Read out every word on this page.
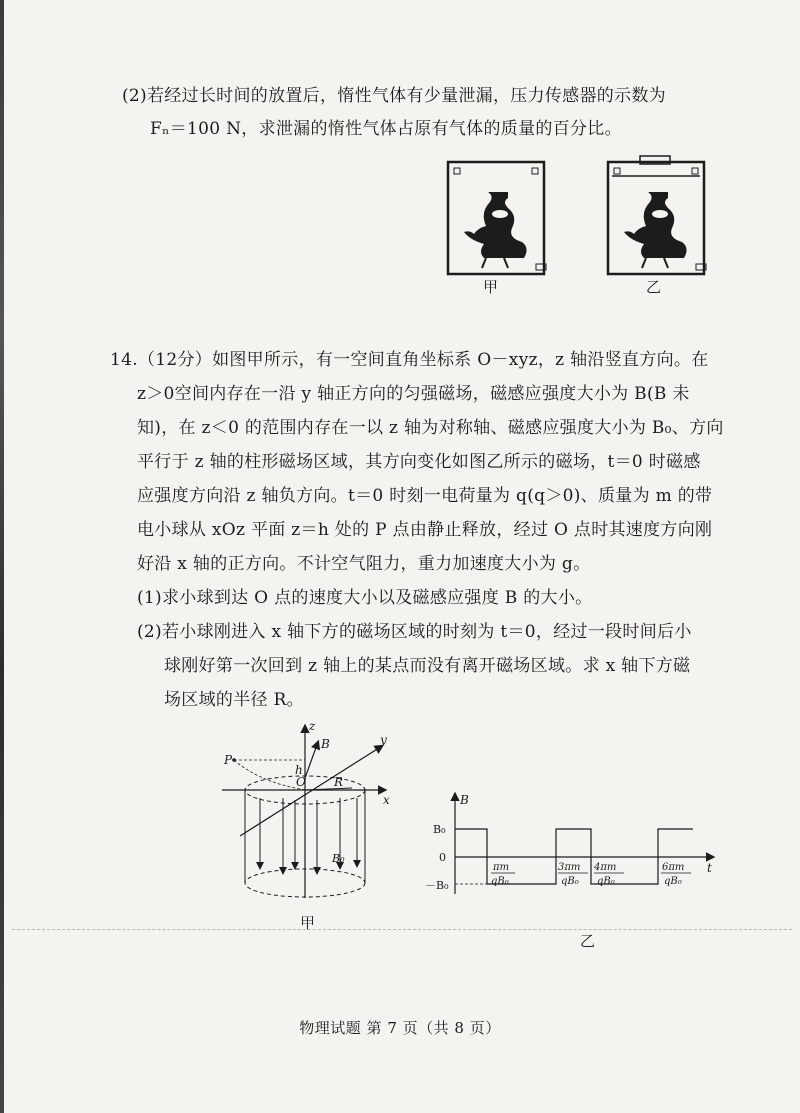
(2)若经过长时间的放置后，惰性气体有少量泄漏，压力传感器的示数为
Fₙ＝100 N，求泄漏的惰性气体占原有气体的质量的百分比。
甲	乙
14.（12分）如图甲所示，有一空间直角坐标系 O－xyz，z 轴沿竖直方向。在
z＞0空间内存在一沿 y 轴正方向的匀强磁场，磁感应强度大小为 B(B 未
知)，在 z＜0 的范围内存在一以 z 轴为对称轴、磁感应强度大小为 B₀、方向
平行于 z 轴的柱形磁场区域，其方向变化如图乙所示的磁场，t＝0 时磁感
应强度方向沿 z 轴负方向。t＝0 时刻一电荷量为 q(q＞0)、质量为 m 的带
电小球从 xOz 平面 z＝h 处的 P 点由静止释放，经过 O 点时其速度方向刚
好沿 x 轴的正方向。不计空气阻力，重力加速度大小为 g。
(1)求小球到达 O 点的速度大小以及磁感应强度 B 的大小。
(2)若小球刚进入 x 轴下方的磁场区域的时刻为 t＝0，经过一段时间后小
球刚好第一次回到 z 轴上的某点而没有离开磁场区域。求 x 轴下方磁
场区域的半径 R。
z
y
x
B
P
h
O R
B₀
甲
B
t
B₀
0
－B₀
πm
qB₀
3πm
qB₀
4πm
qB₀
6πm
qB₀
乙
物理试题 第 7 页（共 8 页）
